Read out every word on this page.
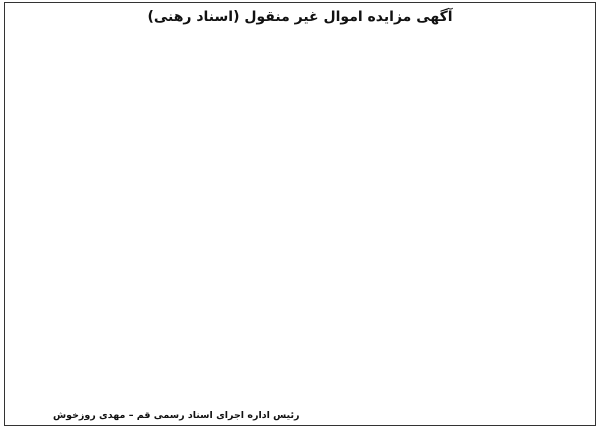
آگهی مزایده اموال غیر منقول (اسناد رهنی)
رئیس اداره اجرای اسناد رسمی قم – مهدی روزخوش
